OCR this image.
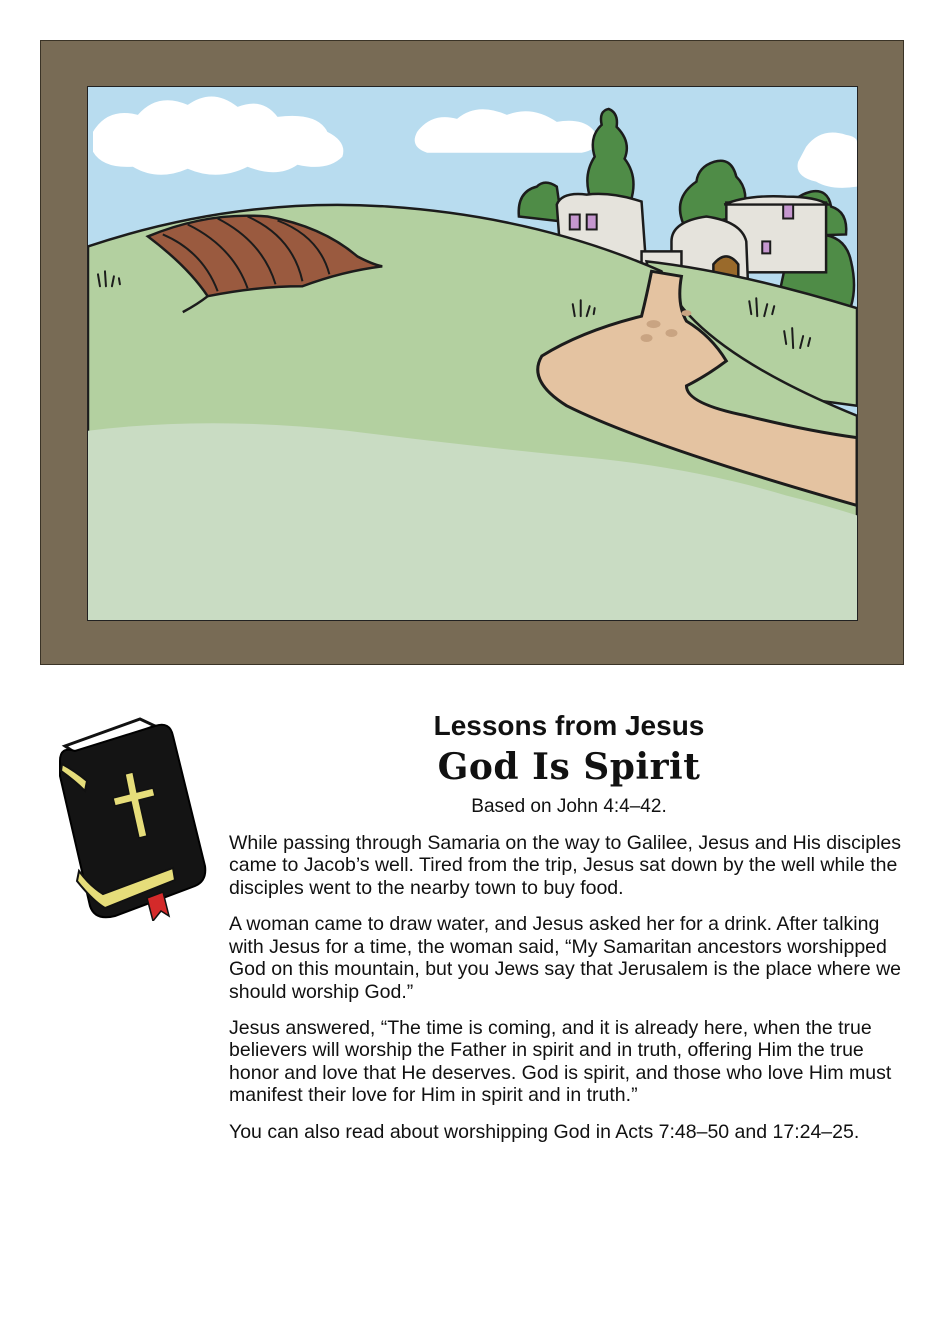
Lessons from Jesus
God Is Spirit
Based on John 4:4–42.

While passing through Samaria on the way to Galilee, Jesus and His disciples came to Jacob’s well. Tired from the trip, Jesus sat down by the well while the disciples went to the nearby town to buy food.

A woman came to draw water, and Jesus asked her for a drink. After talking with Jesus for a time, the woman said, “My Samaritan ancestors worshipped God on this mountain, but you Jews say that Jerusalem is the place where we should worship God.”

Jesus answered, “The time is coming, and it is already here, when the true believers will worship the Father in spirit and in truth, offering Him the true honor and love that He deserves. God is spirit, and those who love Him must manifest their love for Him in spirit and in truth.”

You can also read about worshipping God in Acts 7:48–50 and 17:24–25.
